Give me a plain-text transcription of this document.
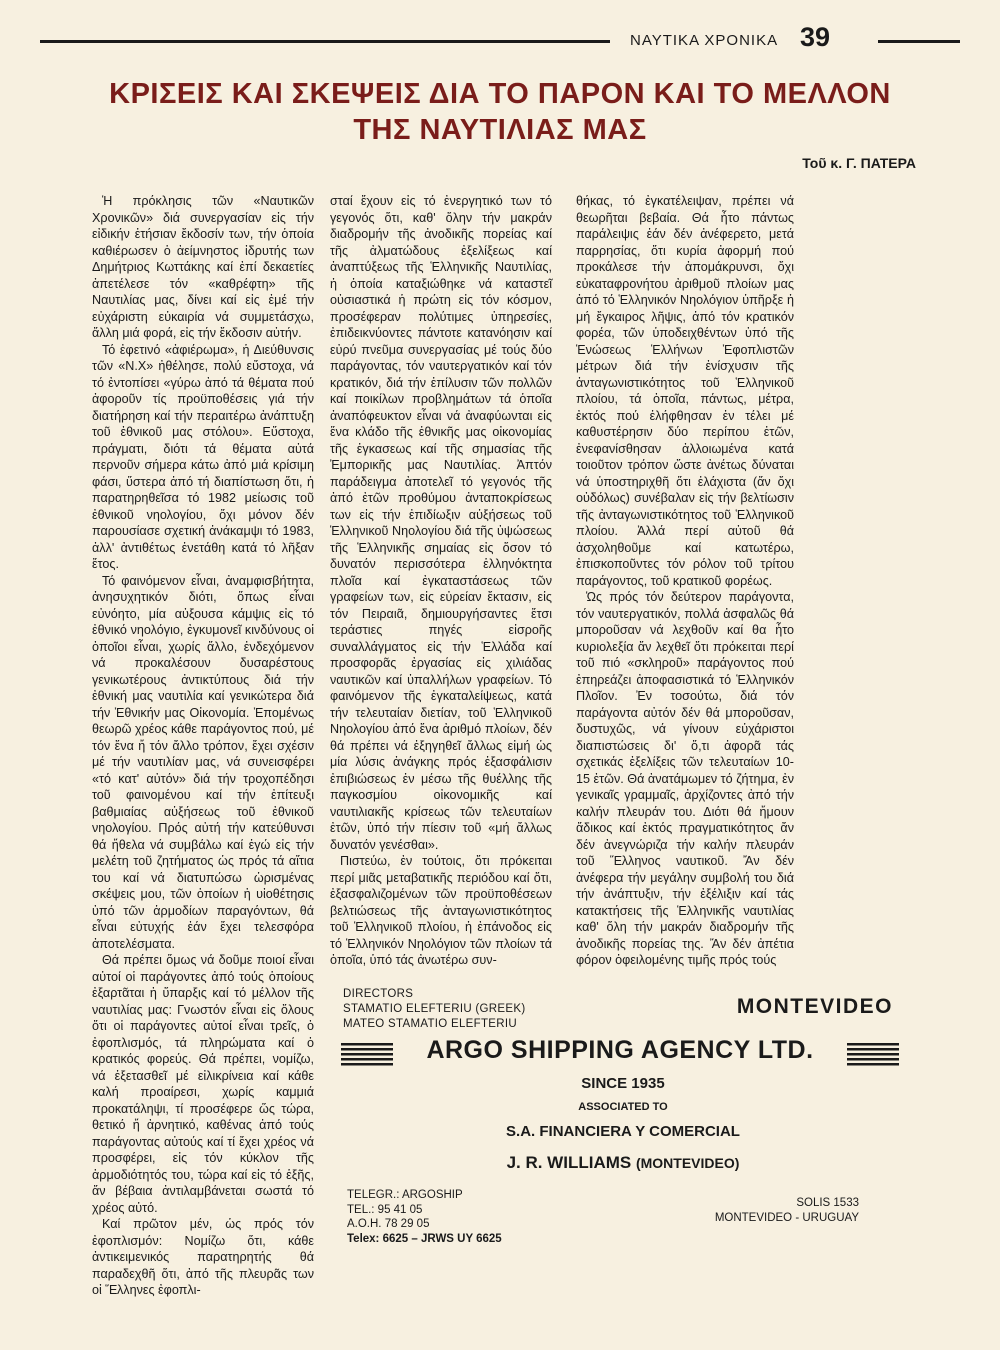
ΝΑΥΤΙΚΑ ΧΡΟΝΙΚΑ 39
ΚΡΙΣΕΙΣ ΚΑΙ ΣΚΕΨΕΙΣ ΔΙΑ ΤΟ ΠΑΡΟΝ ΚΑΙ ΤΟ ΜΕΛΛΟΝ
ΤΗΣ ΝΑΥΤΙΛΙΑΣ ΜΑΣ
Τοῦ κ. Γ. ΠΑΤΕΡΑ

Ἡ πρόκλησις τῶν «Ναυτικῶν Χρονικῶν» διά συνεργασίαν εἰς τήν εἰδικήν ἐτήσιαν ἔκδοσίν των, τήν ὁποία καθιέρωσεν ὁ ἀείμνηστος ἱδρυτής των Δημήτριος Κωττάκης καί ἐπί δεκαετίες ἀπετέλεσε τόν «καθρέφτη» τῆς Ναυτιλίας μας, δίνει καί εἰς ἐμέ τήν εὐχάριστη εὐκαιρία νά συμμετάσχω, ἄλλη μιά φορά, εἰς τήν ἔκδοσιν αὐτήν.

Τό ἐφετινό «ἀφιέρωμα», ἡ Διεύθυνσις τῶν «Ν.Χ» ἠθέλησε, πολύ εὔστοχα, νά τό ἐντοπίσει «γύρω ἀπό τά θέματα πού ἀφοροῦν τίς προϋποθέσεις γιά τήν διατήρηση καί τήν περαιτέρω ἀνάπτυξη τοῦ ἐθνικοῦ μας στόλου». Εὔστοχα, πράγματι, διότι τά θέματα αὐτά περνοῦν σήμερα κάτω ἀπό μιά κρίσιμη φάσι, ὕστερα ἀπό τή διαπίστωση ὅτι, ἡ παρατηρηθεῖσα τό 1982 μείωσις τοῦ ἐθνικοῦ νηολογίου, ὄχι μόνον δέν παρουσίασε σχετική ἀνάκαμψι τό 1983, ἀλλ' ἀντιθέτως ἐνετάθη κατά τό λῆξαν ἔτος.

Τό φαινόμενον εἶναι, ἀναμφισβήτητα, ἀνησυχητικόν διότι, ὅπως εἶναι εὐνόητο, μία αὐξουσα κάμψις εἰς τό ἐθνικό νηολόγιο, ἐγκυμονεῖ κινδύνους οἱ ὁποῖοι εἶναι, χωρίς ἄλλο, ἐνδεχόμενον νά προκαλέσουν δυσαρέστους γενικωτέρους ἀντικτύπους διά τήν ἐθνική μας ναυτιλία καί γενικώτερα διά τήν Ἐθνικήν μας Οἰκονομία. Ἐπομένως θεωρῶ χρέος κάθε παράγοντος πού, μέ τόν ἕνα ἤ τόν ἄλλο τρόπον, ἔχει σχέσιν μέ τήν ναυτιλίαν μας, νά συνεισφέρει «τό κατ' αὐτόν» διά τήν τροχοπέδησι τοῦ φαινομένου καί τήν ἐπίτευξι βαθμιαίας αὐξήσεως τοῦ ἐθνικοῦ νηολογίου. Πρός αὐτή τήν κατεύθυνσι θά ἤθελα νά συμβάλω καί ἐγώ εἰς τήν μελέτη τοῦ ζητήματος ὡς πρός τά αἴτια του καί νά διατυπώσω ὡρισμένας σκέψεις μου, τῶν ὁποίων ἡ υἱοθέτησις ὑπό τῶν ἁρμοδίων παραγόντων, θά εἶναι εὐτυχής ἐάν ἔχει τελεσφόρα ἀποτελέσματα.

Θά πρέπει ὅμως νά δοῦμε ποιοί εἶναι αὐτοί οἱ παράγοντες ἀπό τούς ὁποίους ἐξαρτᾶται ἡ ὕπαρξις καί τό μέλλον τῆς ναυτιλίας μας: Γνωστόν εἶναι εἰς ὅλους ὅτι οἱ παράγοντες αὐτοί εἶναι τρεῖς, ὁ ἐφοπλισμός, τά πληρώματα καί ὁ κρατικός φορεύς. Θά πρέπει, νομίζω, νά ἐξετασθεῖ μέ εἰλικρίνεια καί κάθε καλή προαίρεσι, χωρίς καμμιά προκατάληψι, τί προσέφερε ὥς τώρα, θετικό ἤ ἀρνητικό, καθένας ἀπό τούς παράγοντας αὐτούς καί τί ἔχει χρέος νά προσφέρει, εἰς τόν κύκλον τῆς ἁρμοδιότητός του, τώρα καί εἰς τό ἑξῆς, ἄν βέβαια ἀντιλαμβάνεται σωστά τό χρέος αὐτό.

Καί πρῶτον μέν, ὡς πρός τόν ἐφοπλισμόν: Νομίζω ὅτι, κάθε ἀντικειμενικός παρατηρητής θά παραδεχθῆ ὅτι, ἀπό τῆς πλευρᾶς των οἱ Ἕλληνες ἐφοπλι-

σταί ἔχουν εἰς τό ἐνεργητικό των τό γεγονός ὅτι, καθ' ὅλην τήν μακράν διαδρομήν τῆς ἀνοδικῆς πορείας καί τῆς ἀλματώδους ἐξελίξεως καί ἀναπτύξεως τῆς Ἑλληνικῆς Ναυτιλίας, ἡ ὁποία καταξιώθηκε νά καταστεῖ οὐσιαστικά ἡ πρώτη εἰς τόν κόσμον, προσέφεραν πολύτιμες ὑπηρεσίες, ἐπιδεικνύοντες πάντοτε κατανόησιν καί εὐρύ πνεῦμα συνεργασίας μέ τούς δύο παράγοντας, τόν ναυτεργατικόν καί τόν κρατικόν, διά τήν ἐπίλυσιν τῶν πολλῶν καί ποικίλων προβλημάτων τά ὁποῖα ἀναπόφευκτον εἶναι νά ἀναφύωνται εἰς ἕνα κλάδο τῆς ἐθνικῆς μας οἰκονομίας τῆς ἐγκασεως καί τῆς σημασίας τῆς Ἐμπορικῆς μας Ναυτιλίας. Ἀπτόν παράδειγμα ἀποτελεῖ τό γεγονός τῆς ἀπό ἐτῶν προθύμου ἀνταποκρίσεως των εἰς τήν ἐπιδίωξιν αὐξήσεως τοῦ Ἑλληνικοῦ Νηολογίου διά τῆς ὑψώσεως τῆς Ἑλληνικῆς σημαίας εἰς ὅσον τό δυνατόν περισσότερα ἑλληνόκτητα πλοῖα καί ἐγκαταστάσεως τῶν γραφείων των, εἰς εὐρείαν ἔκτασιν, εἰς τόν Πειραιᾶ, δημιουργήσαντες ἔτσι τεράστιες πηγές εἰσροῆς συναλλάγματος εἰς τήν Ἑλλάδα καί προσφορᾶς ἐργασίας εἰς χιλιάδας ναυτικῶν καί ὑπαλλήλων γραφείων. Τό φαινόμενον τῆς ἐγκαταλείψεως, κατά τήν τελευταίαν διετίαν, τοῦ Ἑλληνικοῦ Νηολογίου ἀπό ἕνα ἀριθμό πλοίων, δέν θά πρέπει νά ἐξηγηθεῖ ἄλλως εἰμή ὡς μία λύσις ἀνάγκης πρός ἐξασφάλισιν ἐπιβιώσεως ἐν μέσω τῆς θυέλλης τῆς παγκοσμίου οἰκονομικῆς καί ναυτιλιακῆς κρίσεως τῶν τελευταίων ἐτῶν, ὑπό τήν πίεσιν τοῦ «μή ἄλλως δυνατόν γενέσθαι».

Πιστεύω, ἐν τούτοις, ὅτι πρόκειται περί μιᾶς μεταβατικῆς περιόδου καί ὅτι, ἐξασφαλιζομένων τῶν προϋποθέσεων βελτιώσεως τῆς ἀνταγωνιστικότητος τοῦ Ἑλληνικοῦ πλοίου, ἡ ἐπάνοδος εἰς τό Ἑλληνικόν Νηολόγιον τῶν πλοίων τά ὁποῖα, ὑπό τάς ἀνωτέρω συν-

θήκας, τό ἐγκατέλειψαν, πρέπει νά θεωρῆται βεβαία. Θά ἦτο πάντως παράλειψις ἐάν δέν ἀνέφερετο, μετά παρρησίας, ὅτι κυρία ἀφορμή πού προκάλεσε τήν ἀπομάκρυνσι, ὄχι εὐκαταφρονήτου ἀριθμοῦ πλοίων μας ἀπό τό Ἑλληνικόν Νηολόγιον ὑπῆρξε ἡ μή ἔγκαιρος λῆψις, ἀπό τόν κρατικόν φορέα, τῶν ὑποδειχθέντων ὑπό τῆς Ἑνώσεως Ἑλλήνων Ἐφοπλιστῶν μέτρων διά τήν ἐνίσχυσιν τῆς ἀνταγωνιστικότητος τοῦ Ἑλληνικοῦ πλοίου, τά ὁποῖα, πάντως, μέτρα, ἐκτός πού ἐλήφθησαν ἐν τέλει μέ καθυστέρησιν δύο περίπου ἐτῶν, ἐνεφανίσθησαν ἀλλοιωμένα κατά τοιοῦτον τρόπον ὥστε ἀνέτως δύναται νά ὑποστηριχθῆ ὅτι ἐλάχιστα (ἄν ὄχι οὐδόλως) συνέβαλαν εἰς τήν βελτίωσιν τῆς ἀνταγωνιστικότητος τοῦ Ἑλληνικοῦ πλοίου. Ἀλλά περί αὐτοῦ θά ἀσχοληθοῦμε καί κατωτέρω, ἐπισκοποῦντες τόν ρόλον τοῦ τρίτου παράγοντος, τοῦ κρατικοῦ φορέως.

Ὡς πρός τόν δεύτερον παράγοντα, τόν ναυτεργατικόν, πολλά ἀσφαλῶς θά μποροῦσαν νά λεχθοῦν καί θα ἦτο κυριολεξία ἄν λεχθεῖ ὅτι πρόκειται περί τοῦ πιό «σκληροῦ» παράγοντος πού ἐπηρεάζει ἀποφασιστικά τό Ἑλληνικόν Πλοῖον. Ἐν τοσούτω, διά τόν παράγοντα αὐτόν δέν θά μποροῦσαν, δυστυχῶς, νά γίνουν εὐχάριστοι διαπιστώσεις δι' ὅ,τι ἀφορᾶ τάς σχετικάς ἐξελίξεις τῶν τελευταίων 10-15 ἐτῶν. Θά ἀνατάμωμεν τό ζήτημα, ἐν γενικαῖς γραμμαῖς, ἀρχίζοντες ἀπό τήν καλήν πλευράν του. Διότι θά ἤμουν ἄδικος καί ἐκτός πραγματικότητος ἄν δέν ἀνεγνώριζα τήν καλήν πλευράν τοῦ Ἕλληνος ναυτικοῦ. Ἄν δέν ἀνέφερα τήν μεγάλην συμβολή του διά τήν ἀνάπτυξιν, τήν ἐξέλιξιν καί τάς κατακτήσεις τῆς Ἑλληνικῆς ναυτιλίας καθ' ὅλη τήν μακράν διαδρομήν τῆς ἀνοδικῆς πορείας της. Ἄν δέν ἀπέτια φόρον ὀφειλομένης τιμῆς πρός τούς

DIRECTORS
STAMATIO ELEFTERIU (GREEK)
MATEO STAMATIO ELEFTERIU
MONTEVIDEO
ARGO SHIPPING AGENCY LTD.
SINCE 1935
ASSOCIATED TO
S.A. FINANCIERA Y COMERCIAL
J. R. WILLIAMS (MONTEVIDEO)
TELEGR.: ARGOSHIP
TEL.: 95 41 05
A.O.H. 78 29 05
Telex: 6625 – JRWS UY 6625
SOLIS 1533
MONTEVIDEO - URUGUAY
